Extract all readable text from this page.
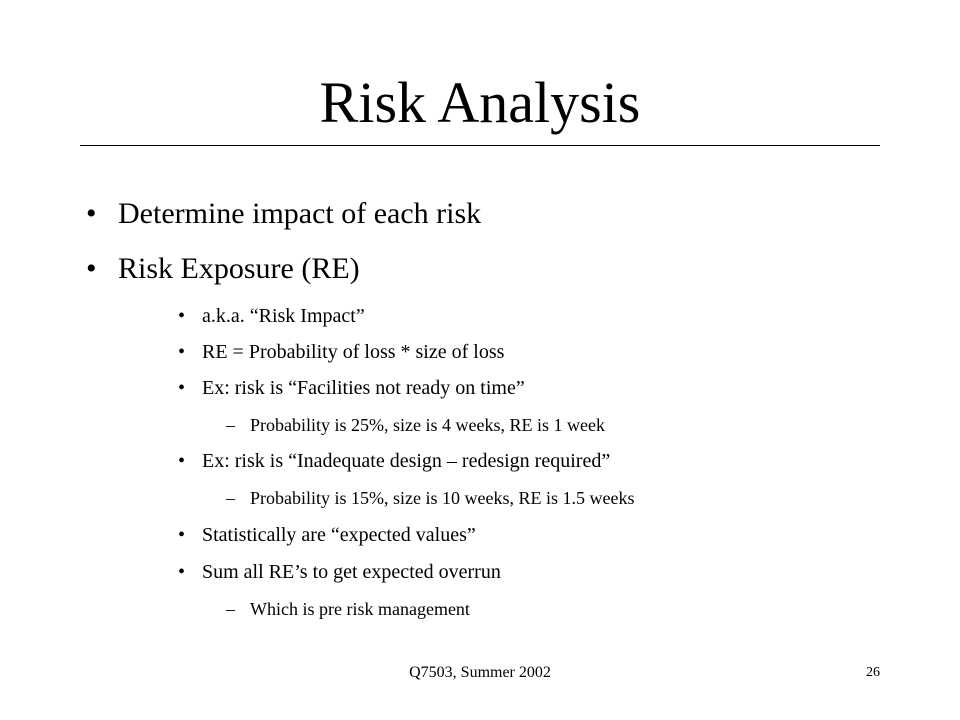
Risk Analysis
• Determine impact of each risk
• Risk Exposure (RE)
• a.k.a. “Risk Impact”
• RE = Probability of loss * size of loss
• Ex: risk is “Facilities not ready on time”
– Probability is 25%, size is 4 weeks, RE is 1 week
• Ex: risk is “Inadequate design – redesign required”
– Probability is 15%, size is 10 weeks, RE is 1.5 weeks
• Statistically are “expected values”
• Sum all RE’s to get expected overrun
– Which is pre risk management
Q7503, Summer 2002	26
